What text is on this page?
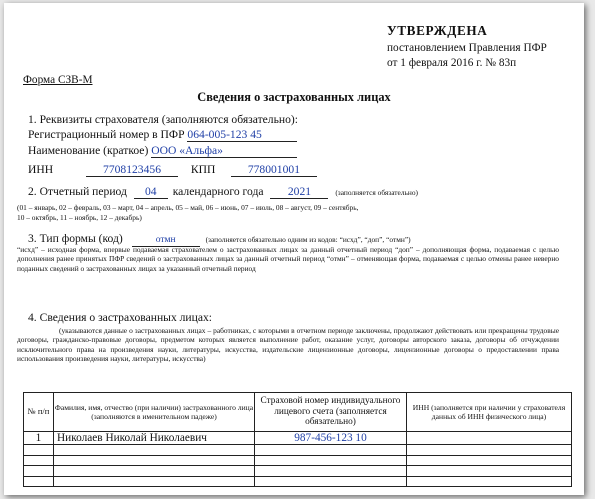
УТВЕРЖДЕНА
постановлением Правления ПФР
от 1 февраля 2016 г. № 83п
Форма СЗВ-М
Сведения о застрахованных лицах
1. Реквизиты страхователя (заполняются обязательно):
Регистрационный номер в ПФР 064-005-123 45
Наименование (краткое) ООО «Альфа»
ИНН	7708123456	КПП	778001001
2. Отчетный период 04 календарного года 2021	(заполняется обязательно)
(01 – январь, 02 – февраль, 03 – март, 04 – апрель, 05 – май, 06 – июнь, 07 – июль, 08 – август, 09 – сентябрь,
10 – октябрь, 11 – ноябрь, 12 – декабрь)
3. Тип формы (код)	отмн	(заполняется обязательно одним из кодов: “исхд”, “доп”, “отмн”)
“исхд” – исходная форма, впервые подаваемая страхователем о застрахованных лицах за данный отчетный период “доп” – дополняющая форма, подаваемая с целью дополнения ранее принятых ПФР сведений о застрахованных лицах за данный отчетный период “отмн” – отменяющая форма, подаваемая с целью отмены ранее неверно поданных сведений о застрахованных лицах за указанный отчетный период
4. Сведения о застрахованных лицах:
(указываются данные о застрахованных лицах – работниках, с которыми в отчетном периоде заключены, продолжают действовать или прекращены трудовые договоры, гражданско-правовые договоры, предметом которых является выполнение работ, оказание услуг, договоры авторского заказа, договоры об отчуждении исключительного права на произведения науки, литературы, искусства, издательские лицензионные договоры, лицензионные договоры о предоставлении права использования произведения науки, литературы, искусства)
№ п/п	Фамилия, имя, отчество (при наличии) застрахованного лица (заполняются в именительном падеже)	Страховой номер индивидуального лицевого счета (заполняется обязательно)	ИНН (заполняется при наличии у страхователя данных об ИНН физического лица)
1	Николаев Николай Николаевич	987-456-123 10	
